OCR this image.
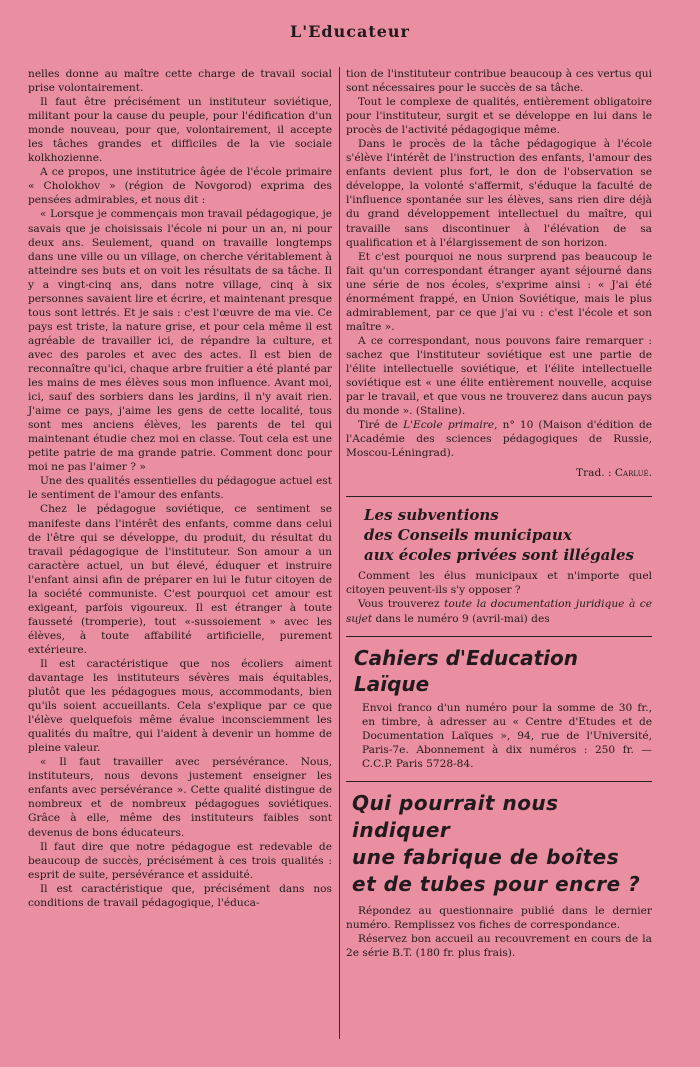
L'Educateur

nelles donne au maître cette charge de travail social prise volontairement.

Il faut être précisément un instituteur soviétique, militant pour la cause du peuple, pour l'édification d'un monde nouveau, pour que, volontairement, il accepte les tâches grandes et difficiles de la vie sociale kolkhozienne.

A ce propos, une institutrice âgée de l'école primaire « Cholokhov » (région de Novgorod) exprima des pensées admirables, et nous dit :

« Lorsque je commençais mon travail pédagogique, je savais que je choisissais l'école ni pour un an, ni pour deux ans. Seulement, quand on travaille longtemps dans une ville ou un village, on cherche véritablement à atteindre ses buts et on voit les résultats de sa tâche. Il y a vingt-cinq ans, dans notre village, cinq à six personnes savaient lire et écrire, et maintenant presque tous sont lettrés. Et je sais : c'est l'œuvre de ma vie. Ce pays est triste, la nature grise, et pour cela même il est agréable de travailler ici, de répandre la culture, et avec des paroles et avec des actes. Il est bien de reconnaître qu'ici, chaque arbre fruitier a été planté par les mains de mes élèves sous mon influence. Avant moi, ici, sauf des sorbiers dans les jardins, il n'y avait rien. J'aime ce pays, j'aime les gens de cette localité, tous sont mes anciens élèves, les parents de tel qui maintenant étudie chez moi en classe. Tout cela est une petite patrie de ma grande patrie. Comment donc pour moi ne pas l'aimer ? »

Une des qualités essentielles du pédagogue actuel est le sentiment de l'amour des enfants.

Chez le pédagogue soviétique, ce sentiment se manifeste dans l'intérêt des enfants, comme dans celui de l'être qui se développe, du produit, du résultat du travail pédagogique de l'instituteur. Son amour a un caractère actuel, un but élevé, éduquer et instruire l'enfant ainsi afin de préparer en lui le futur citoyen de la société communiste. C'est pourquoi cet amour est exigeant, parfois vigoureux. Il est étranger à toute fausseté (tromperie), tout «-sussoiement » avec les élèves, à toute affabilité artificielle, purement extérieure.

Il est caractéristique que nos écoliers aiment davantage les instituteurs sévères mais équitables, plutôt que les pédagogues mous, accommodants, bien qu'ils soient accueillants. Cela s'explique par ce que l'élève quelquefois même évalue inconsciemment les qualités du maître, qui l'aident à devenir un homme de pleine valeur.

« Il faut travailler avec persévérance. Nous, instituteurs, nous devons justement enseigner les enfants avec persévérance ». Cette qualité distingue de nombreux et de nombreux pédagogues soviétiques. Grâce à elle, même des instituteurs faibles sont devenus de bons éducateurs.

Il faut dire que notre pédagogue est redevable de beaucoup de succès, précisément à ces trois qualités : esprit de suite, persévérance et assiduité.

Il est caractéristique que, précisément dans nos conditions de travail pédagogique, l'éduca-

tion de l'instituteur contribue beaucoup à ces vertus qui sont nécessaires pour le succès de sa tâche.

Tout le complexe de qualités, entièrement obligatoire pour l'instituteur, surgit et se développe en lui dans le procès de l'activité pédagogique même.

Dans le procès de la tâche pédagogique à l'école s'élève l'intérêt de l'instruction des enfants, l'amour des enfants devient plus fort, le don de l'observation se développe, la volonté s'affermit, s'éduque la faculté de l'influence spontanée sur les élèves, sans rien dire déjà du grand développement intellectuel du maître, qui travaille sans discontinuer à l'élévation de sa qualification et à l'élargissement de son horizon.

Et c'est pourquoi ne nous surprend pas beaucoup le fait qu'un correspondant étranger ayant séjourné dans une série de nos écoles, s'exprime ainsi : « J'ai été énormément frappé, en Union Soviétique, mais le plus admirablement, par ce que j'ai vu : c'est l'école et son maître ».

A ce correspondant, nous pouvons faire remarquer : sachez que l'instituteur soviétique est une partie de l'élite intellectuelle soviétique, et l'élite intellectuelle soviétique est « une élite entièrement nouvelle, acquise par le travail, et que vous ne trouverez dans aucun pays du monde ». (Staline).

Tiré de L'Ecole primaire, n° 10 (Maison d'édition de l'Académie des sciences pédagogiques de Russie, Moscou-Léningrad).

Trad. : Carlué.

Les subventions
des Conseils municipaux
aux écoles privées sont illégales

Comment les élus municipaux et n'importe quel citoyen peuvent-ils s'y opposer ?

Vous trouverez toute la documentation juridique à ce sujet dans le numéro 9 (avril-mai) des

Cahiers d'Education Laïque

Envoi franco d'un numéro pour la somme de 30 fr., en timbre, à adresser au « Centre d'Etudes et de Documentation Laïques », 94, rue de l'Université, Paris-7e. Abonnement à dix numéros : 250 fr. — C.C.P. Paris 5728-84.

Qui pourrait nous indiquer
une fabrique de boîtes
et de tubes pour encre ?

Répondez au questionnaire publié dans le dernier numéro. Remplissez vos fiches de correspondance.

Réservez bon accueil au recouvrement en cours de la 2e série B.T. (180 fr. plus frais).
